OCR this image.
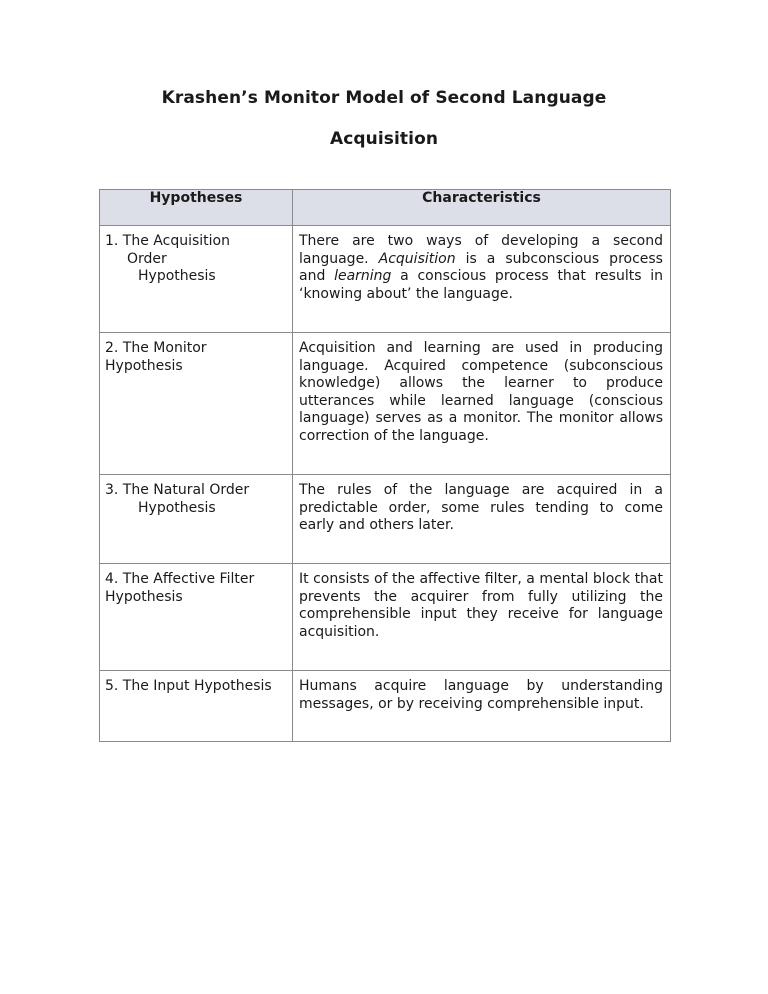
Krashen’s Monitor Model of Second Language
Acquisition
Hypotheses	Characteristics

1. The Acquisition
Order
Hypothesis	There are two ways of developing a second language. Acquisition is a subconscious process and learning a conscious process that results in ‘knowing about’ the language.

2. The Monitor
Hypothesis	Acquisition and learning are used in producing language. Acquired competence (subconscious knowledge) allows the learner to produce utterances while learned language (conscious language) serves as a monitor. The monitor allows correction of the language.

3. The Natural Order
Hypothesis	The rules of the language are acquired in a predictable order, some rules tending to come early and others later.

4. The Affective Filter
Hypothesis	It consists of the affective filter, a mental block that prevents the acquirer from fully utilizing the comprehensible input they receive for language acquisition.

5. The Input Hypothesis	Humans acquire language by understanding messages, or by receiving comprehensible input.
